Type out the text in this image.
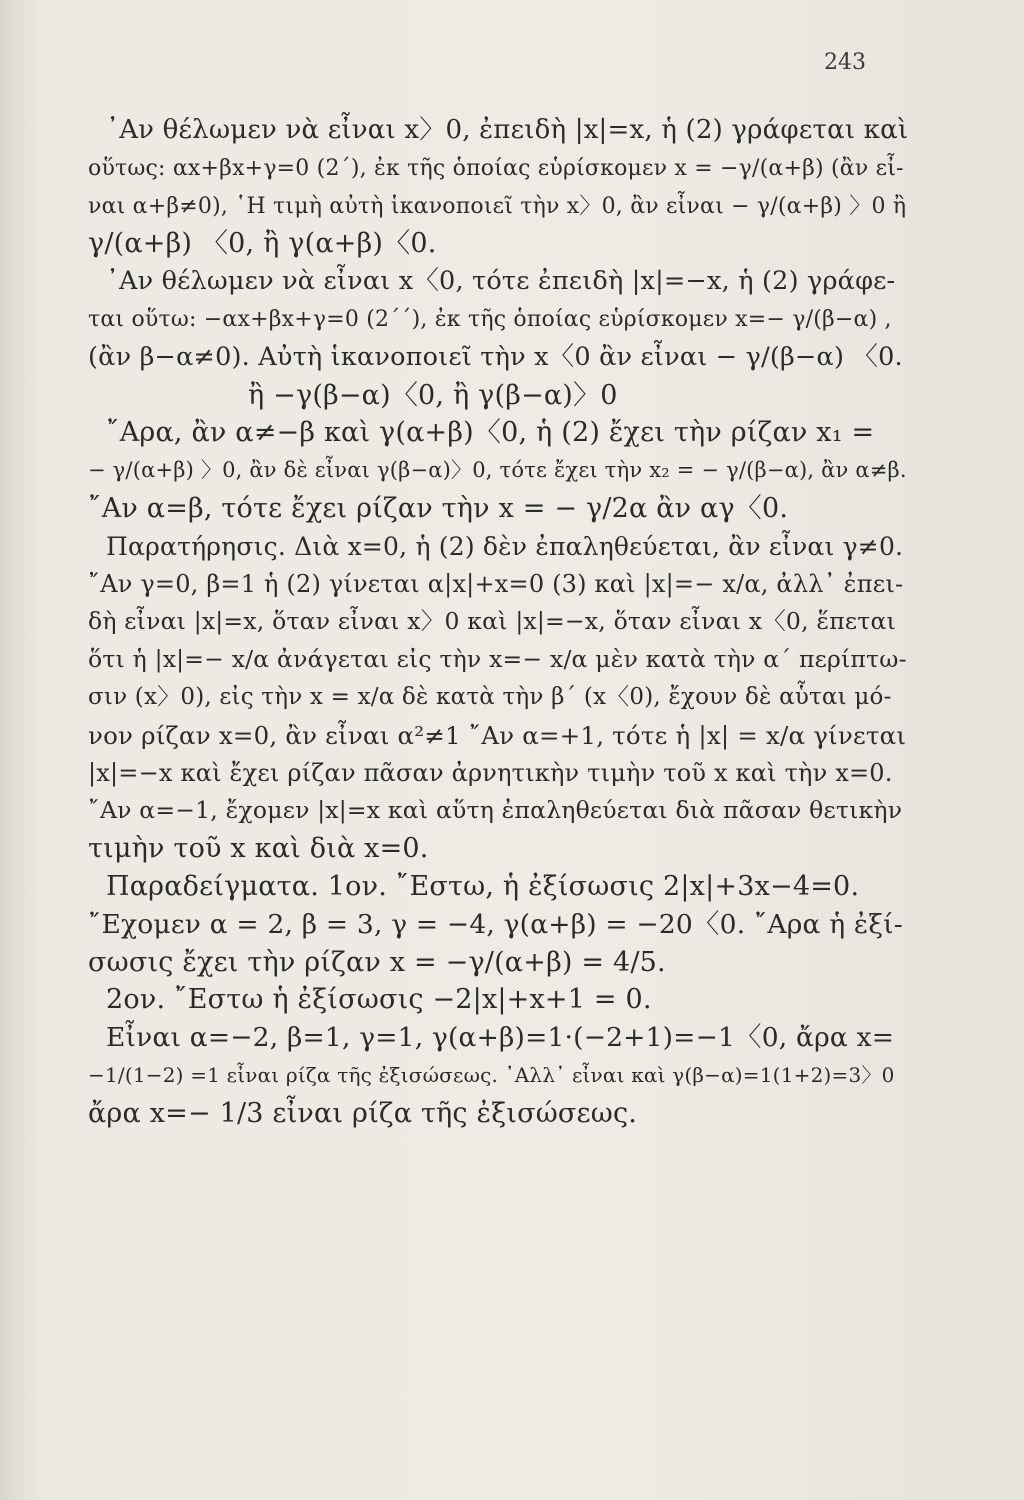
243
᾿Αν θέλωμεν νὰ εἶναι x〉0, ἐπειδὴ |x|=x, ἡ (2) γράφεται καὶ
οὕτως: αx+βx+γ=0 (2΄), ἐκ τῆς ὁποίας εὑρίσκομεν x = −γ/(α+β) (ἂν εἶ-
ναι α+β≠0), ῾Η τιμὴ αὐτὴ ἱκανοποιεῖ τὴν x〉0, ἂν εἶναι − γ/(α+β) 〉0 ἢ
γ/(α+β) 〈0, ἢ γ(α+β)〈0.
᾿Αν θέλωμεν νὰ εἶναι x〈0, τότε ἐπειδὴ |x|=−x, ἡ (2) γράφε-
ται οὕτω: −αx+βx+γ=0 (2΄΄), ἐκ τῆς ὁποίας εὑρίσκομεν x=− γ/(β−α) ,
(ἂν β−α≠0). Αὐτὴ ἱκανοποιεῖ τὴν x〈0 ἂν εἶναι − γ/(β−α) 〈0.
ἢ −γ(β−α)〈0, ἢ γ(β−α)〉0
῎Αρα, ἂν α≠−β καὶ γ(α+β)〈0, ἡ (2) ἔχει τὴν ρίζαν x₁ =
− γ/(α+β) 〉0, ἂν δὲ εἶναι γ(β−α)〉0, τότε ἔχει τὴν x₂ = − γ/(β−α), ἂν α≠β.
῎Αν α=β, τότε ἔχει ρίζαν τὴν x = − γ/2α ἂν αγ〈0.
Παρατήρησις. Διὰ x=0, ἡ (2) δὲν ἐπαληθεύεται, ἂν εἶναι γ≠0.
῎Αν γ=0, β=1 ἡ (2) γίνεται α|x|+x=0 (3) καὶ |x|=− x/α, ἀλλ᾿ ἐπει-
δὴ εἶναι |x|=x, ὅταν εἶναι x〉0 καὶ |x|=−x, ὅταν εἶναι x〈0, ἕπεται
ὅτι ἡ |x|=− x/α ἀνάγεται εἰς τὴν x=− x/α μὲν κατὰ τὴν α΄ περίπτω-
σιν (x〉0), εἰς τὴν x = x/α δὲ κατὰ τὴν β΄ (x〈0), ἔχουν δὲ αὗται μό-
νον ρίζαν x=0, ἂν εἶναι α²≠1 ῎Αν α=+1, τότε ἡ |x| = x/α γίνεται
|x|=−x καὶ ἔχει ρίζαν πᾶσαν ἀρνητικὴν τιμὴν τοῦ x καὶ τὴν x=0.
῎Αν α=−1, ἔχομεν |x|=x καὶ αὕτη ἐπαληθεύεται διὰ πᾶσαν θετικὴν
τιμὴν τοῦ x καὶ διὰ x=0.
Παραδείγματα. 1ον. ῎Εστω, ἡ ἐξίσωσις 2|x|+3x−4=0.
῎Εχομεν α = 2, β = 3, γ = −4, γ(α+β) = −20〈0. ῎Αρα ἡ ἐξί-
σωσις ἔχει τὴν ρίζαν x = −γ/(α+β) = 4/5.
2ον. ῎Εστω ἡ ἐξίσωσις −2|x|+x+1 = 0.
Εἶναι α=−2, β=1, γ=1, γ(α+β)=1·(−2+1)=−1〈0, ἄρα x=
−1/(1−2) =1 εἶναι ρίζα τῆς ἐξισώσεως. ᾿Αλλ᾿ εἶναι καὶ γ(β−α)=1(1+2)=3〉0
ἄρα x=− 1/3 εἶναι ρίζα τῆς ἐξισώσεως.
